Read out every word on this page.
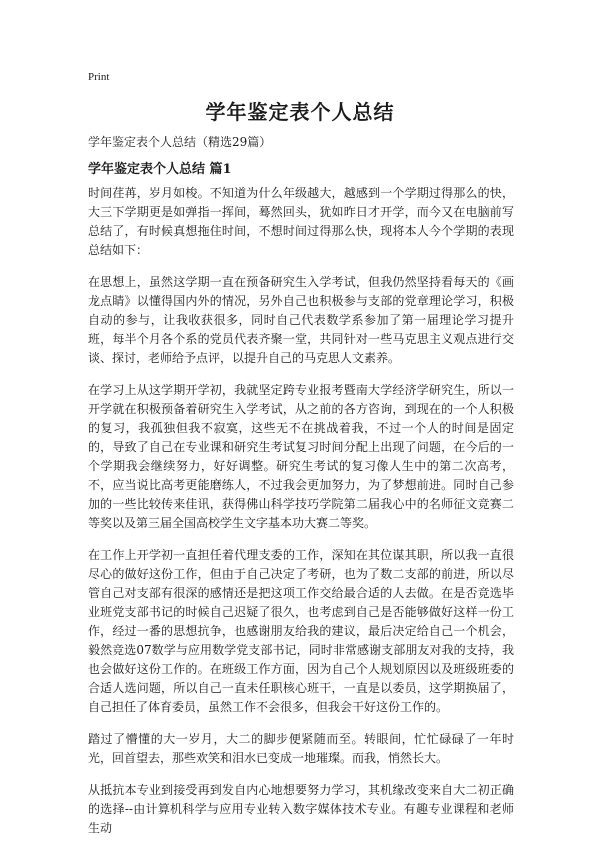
Print
学年鉴定表个人总结

学年鉴定表个人总结（精选29篇）

学年鉴定表个人总结 篇1

时间荏苒，岁月如梭。不知道为什么年级越大，越感到一个学期过得那么的快，大三下学期更是如弹指一挥间，蓦然回头，犹如昨日才开学，而今又在电脑前写总结了，有时候真想拖住时间，不想时间过得那么快，现将本人今个学期的表现总结如下：

在思想上，虽然这学期一直在预备研究生入学考试，但我仍然坚持看每天的《画龙点睛》以懂得国内外的情况，另外自己也积极参与支部的党章理论学习，积极自动的参与，让我收获很多，同时自己代表数学系参加了第一届理论学习提升班，每半个月各个系的党员代表齐聚一堂，共同针对一些马克思主义观点进行交谈、探讨，老师给予点评，以提升自己的马克思人文素养。

在学习上从这学期开学初，我就坚定跨专业报考暨南大学经济学研究生，所以一开学就在积极预备着研究生入学考试，从之前的各方咨询，到现在的一个人积极的复习，我孤独但我不寂寞，这些无不在挑战着我，不过一个人的时间是固定的，导致了自己在专业课和研究生考试复习时间分配上出现了问题，在今后的一个学期我会继续努力，好好调整。研究生考试的复习像人生中的第二次高考，不，应当说比高考更能磨练人，不过我会更加努力，为了梦想前进。同时自己参加的一些比较传来佳讯，获得佛山科学技巧学院第二届我心中的名师征文竞赛二等奖以及第三届全国高校学生文字基本功大赛二等奖。

在工作上开学初一直担任着代理支委的工作，深知在其位谋其职，所以我一直很尽心的做好这份工作，但由于自己决定了考研，也为了数二支部的前进，所以尽管自己对支部有很深的感情还是把这项工作交给最合适的人去做。在是否竞选毕业班党支部书记的时候自己迟疑了很久，也考虑到自己是否能够做好这样一份工作，经过一番的思想抗争，也感谢朋友给我的建议，最后决定给自己一个机会，毅然竞选07数学与应用数学党支部书记，同时非常感谢支部朋友对我的支持，我也会做好这份工作的。在班级工作方面，因为自己个人规划原因以及班级班委的合适人选问题，所以自己一直未任职核心班干，一直是以委员，这学期换届了，自己担任了体育委员，虽然工作不会很多，但我会干好这份工作的。

踏过了懵懂的大一岁月，大二的脚步便紧随而至。转眼间，忙忙碌碌了一年时光，回首望去，那些欢笑和泪水已变成一地璀璨。而我，悄然长大。

从抵抗本专业到接受再到发自内心地想要努力学习，其机缘改变来自大二初正确的选择--由计算机科学与应用专业转入数字媒体技术专业。有趣专业课程和老师生动
